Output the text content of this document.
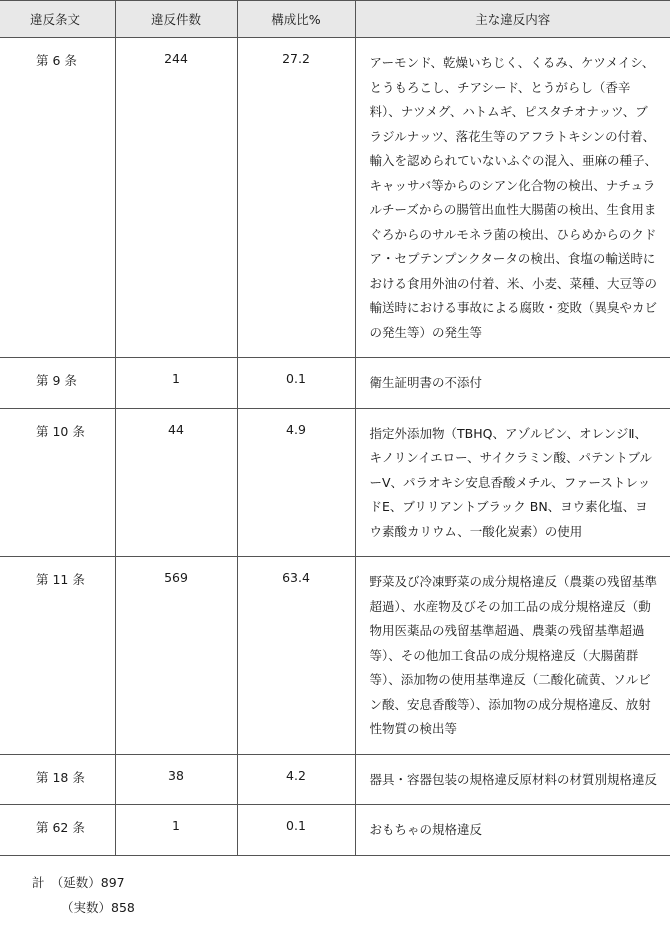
違反条文	違反件数	構成比%	主な違反内容
第 6 条	244	27.2	アーモンド、乾燥いちじく、くるみ、ケツメイシ、とうもろこし、チアシード、とうがらし（香辛料）、ナツメグ、ハトムギ、ピスタチオナッツ、ブラジルナッツ、落花生等のアフラトキシンの付着、輸入を認められていないふぐの混入、亜麻の種子、キャッサバ等からのシアン化合物の検出、ナチュラルチーズからの腸管出血性大腸菌の検出、生食用まぐろからのサルモネラ菌の検出、ひらめからのクドア・セプテンプンクタータの検出、食塩の輸送時における食用外油の付着、米、小麦、菜種、大豆等の輸送時における事故による腐敗・変敗（異臭やカビの発生等）の発生等
第 9 条	1	0.1	衛生証明書の不添付
第 10 条	44	4.9	指定外添加物（TBHQ、アゾルビン、オレンジⅡ、キノリンイエロー、サイクラミン酸、パテントブルーⅤ、パラオキシ安息香酸メチル、ファーストレッドE、ブリリアントブラック BN、ヨウ素化塩、ヨウ素酸カリウム、一酸化炭素）の使用
第 11 条	569	63.4	野菜及び冷凍野菜の成分規格違反（農薬の残留基準超過）、水産物及びその加工品の成分規格違反（動物用医薬品の残留基準超過、農薬の残留基準超過等）、その他加工食品の成分規格違反（大腸菌群等）、添加物の使用基準違反（二酸化硫黄、ソルビン酸、安息香酸等）、添加物の成分規格違反、放射性物質の検出等
第 18 条	38	4.2	器具・容器包装の規格違反原材料の材質別規格違反
第 62 条	1	0.1	おもちゃの規格違反

計　（延数）897
（実数）858			
